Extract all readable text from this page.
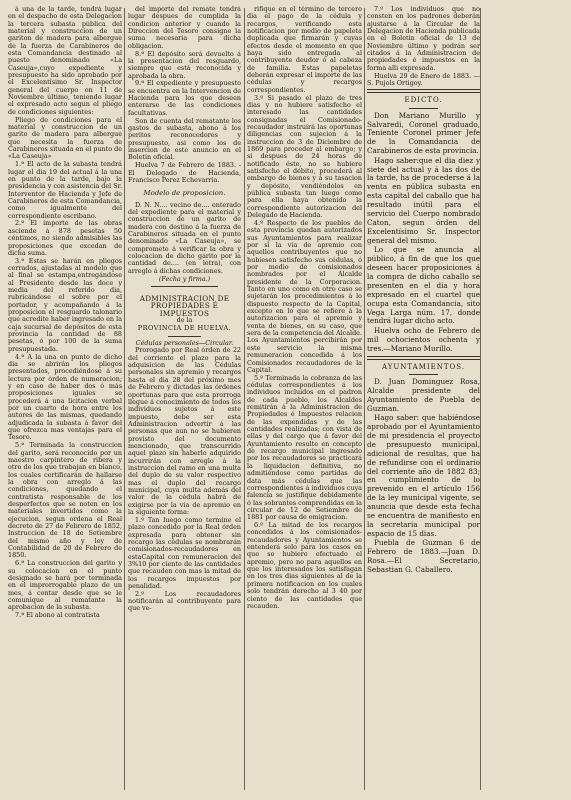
á una de la tarde, tendrá lugar en el despacho de esta Delegacion la tercera subasta pública del material y construccion de un gariton de madera para albergue de la fuerza de Carabineros de esta Comandancia destinado al puesto denominado «La Caseuja»,cuyo expediente y presupuesto ha sido aprobado por el Excelentísimo Sr. Inspector general del cuerpo en 11 de Noviembre último, teniendo lugar el expresado acto segun el pliego de condiciones siguientes:

Pliego de condiciones para el material y construccion de un garito de madera para albergue que necesita la fuerza de Carabineros situada en el punto de «La Caseuja»

1.ª El acto de la subasta tendrá lugar el dia 19 del actual á la una en punto de la tarde, bajo la presidencia y con asistencia del Sr. Interventor de Hacienda y Jefe de Carabineros de esta Comandancia, como igualmente del correspondiente escribano.

2.ª El importe de las obras asciende á 878 pesetas 50 céntimos, no siendo admisibles las proposiciones que excedan de dicha suma.

3.ª Estas se harán en pliegos cerrados, ajustadas al modelo que al final se estampa,entregándose al Presidente desde las doce y media del referido dia, rubricándose el sobre por el portador, y acompañando á la proposicion el resguardo talonario que acredite haber ingresado en la caja sucursal de depósitos de esta provincia la cantidad de 88 pesetas, ó por 100 de la suma presupuestada.

4.ª A la una en punto de dicho dia se abrirán los pliegos presentados, procediéndose á su lectura por órden de numeracion; y en caso de haber dos ó más proposiciones iguales se procederá á una licitacion verbal por un cuarto de hora entre los autores de las mismas, quedando adjudicada la subasta á favor del que ofrezca mas ventajas para el Tesoro.

5.ª Terminada la construccion del garito, será reconocido por un maestro carpintero de ribera y otro de los que trabajan en blanco, los cuales certificarán de hallarse la obra con arreglo á las condiciones, quedando el contratista responsable de los desperfectos que se noten en los materiales invertidos como la ejecucion, segun ordena el Real decreto de 27 de Febrero de 1852, Instruccion de 18 de Setiembre del mismo año y ley de Contabilidad de 20 de Febrero de 1850.

6.ª La construccion del garito y su colocacion en el punto designado se hará por terminada en el improrrogable plazo de un mes, á contar desde que se le comunique al rematante la aprobacion de la subasta.

7.ª El abono al contratista

del importe del remate tendrá lugar despues de cumplida la condicion anterior y cuando la Direccion del Tesoro consigne la suma necesaria para dicha obligacion.

8.ª El depósito será devuelto á la presentacion del resguardo, siempre que está reconocida y aprobada la obra.

9.ª El expediente y presupuesto se encuentra en la Intervencion de Hacienda para los que deseen enterarse de las condiciones facultativas.

Son de cuenta del rematante los gastos de subasta, abono á los peritos reconocedores y presupuesto, asi como los de insercion de este anuncio en el Boletin oficial.

Huelva 7 de Febrero de 1883. -El Delegado de Hacienda, Francisco Perez Echevarria.

Modelo de proposicion.

D. N. N.... vecino de.... enterado del expediente para el material y construccion de un garito de madera con destino á la fuerza de Carabineros situada en el punto denominado «La Caseuja», se compromete á verificar la obra y colocacion de dicho garito por la cantidad de.... (en letra), con arreglo á dichas condiciones.

(Fecha y firma.)

ADMINISTRACION DE PROPIEDADES É IMPUESTOS

de la

PROVINCIA DE HUELVA.

Cédulas personales—Circular.

Prorogado por Real órden de 22 del corriente el plazo para la adquisicion de las Cédulas personales sin apremio y recargos hasta el dia 28 del próximo mes de Febrero y dictadas las órdenes oportunas para que esta prorroga llegue á conocimiento de todos los individuos sujetos á este impuesto, debe ser esta Administracion advertir á las personas que aun no se hubieren provisto del documento mencionado, que transcurrido aquel plazo sin haberlo adquirido incurrirán con arreglo á la instruccion del ramo en una multa del duplo de su valor respectivo mas el duplo del recargo municipal, cuya multa además del valor de la cédula habrá de exigirse por la via de apremio en la siguiente forma:

1.º Tan luego como termine el plazo concedido por la Real órden expresada para obtener sin recargo las cédulas se nombrarán comisionados-recaudadores en estaCapital con remuneracion del 3%10 por ciento de las cantidades que recauden con mas la mitad de los recargos impuestos por penalidad.

2.º Los recaudadores notificarán al contribuyente para que ve-

rifique en el término de tercero dia el pago de la cédula y recargos, verificando esta notificacion por medio de papeleta duplicada que firmarán y cuyas efectos desde el momento en que haya sido entregada al contribuyente deudor ó al cabeza de familia. Estas papeletas deberán expresar el importe de las cédulas y recargos correspondientes.

3.º Si pasado el plazo de tres dias y no hubiere satisfecho el interesado las cantidades consignadas el Comisionado-recaudador instruirá las oportunas diligencias con sujecion á la instruccion de 3 de Diciembre de 1869 para proceder al embargo; y si despues de 24 horas de notificado éste, no se hubiere satisfecho el débito, procederá al embargo de bienes y á su tasacion y depósito, vendiéndolos en pública subasta tan luego como para ella haya obtenido la correspondiente autorizacion del Delegado de Hacienda.

4.º Respecto de los pueblos de esta provincia quedan autorizados sus Ayuntamientos para realizar por si la via de apremio con aquellos contribuyentes que no hubiesen satisfecho sus cédulas, ó por medio de comisionados nombrados por el Alcalde presidente de la Corporacion. Tanto en uno como en otro caso se sujetarán los procedimientos á lo dispuesto respecto de la Capital, excepto en lo que se refiere á la autorizacion para el apremio y venta de bienes, en su caso, que sera de la competencia del Alcalde. Los Ayuntamientos percibirán por este servicio la misma remuneracion concedida á los Comisionados recaudadores de la Capital.

5.º Terminada la cobranza de las cédulas correspondientes á los individuos incluidos en el padron de cada pueblo, los Alcaldes remitirán á la Administracion de Propiedades é Impuestos relacion de las expendidas y de las cantidades realizadas; con vista de ellas y del cargo que á favor del Ayuntamiento resulte en concepto de recargo municipal ingresado por los recaudadores se practicará la liquidacion definitiva, no admitiéndose como partidas de data más cédulas que las correspondientes á individuos cuya falencia se justifique debidamente ó las sobrantes comprendidas en la circular de 12 de Setiembre de 1881 por causa de emigracion.

6.º La mitad de los recargos concedidos á los comisionados-recaudadores y Ayuntamientos se entenderá solo para los casos en que se hubiere efectuado el apremio, pero no para aquellos en que los interesados los satisfagan en los tres dias siguientes al de la primera notificacion en los cuales solo tendrán derecho al 3 40 por ciento de las cantidades que recauden.

7.º Los individuos que no consten en los padrones deberán ajustarse á la Circular de la Delegacion de Hacienda publicada en el Boletin oficial de 13 de Noviembre último y podrán ser citados á la Administracion de propiedades é impuestos en la forma alli expresada.

Huelva 29 de Enero de 1883. —S. Pujols Ortigoy.

EDICTO.

Don Mariano Murillo y Salvaredi, Coronel graduado, Teniente Coronel primer Jefe de la Comandancia de Carabineros de esta provincia.

Hago saber:que el dia diez y siete del actual y á las dos de la tarde, ha de procederse á la venta en pública subasta en esta capital del caballo que ha resultado inútil para el servicio del Cuerpo nombrado Caton, segun órden del Excelentísimo Sr. Inspector general del mismo.

Lo que se anuncia al público, á fin de que los que deseen hacer proposiciones á la compra de dicho caballo se presenten en el dia y hora expresado en el cuartel que ocupa esta Comandancia, sito Vega Larga núm. 17, donde tendrá lugar dicho acto.

Huelva ocho de Febrero de mil ochocientos ochenta y tres.—Mariano Murillo.

AYUNTAMIENTOS.

D. Juan Dominguez Rosa, Alcalde presidente del Ayuntamiento de Puebla de Guzman.

Hago saber: que habiéndose aprobado por el Ayuntamiento de mi presidencia el proyecto de presupuesto municipal, adicional de resultas, que ha de refundirse con el ordinario del corriente año de 1882 83; en cumplimiento de lo prevenido en el artículo 156 de la ley municipal vigente, se anuncia que desde esta fecha se encuentra de manifiesto en la secretaria municipal por espacio de 15 dias.

Puebla de Guzman 6 de Febrero de 1883.—Juan D. Rosa.—El Secretario, Sebastian G. Caballero.
